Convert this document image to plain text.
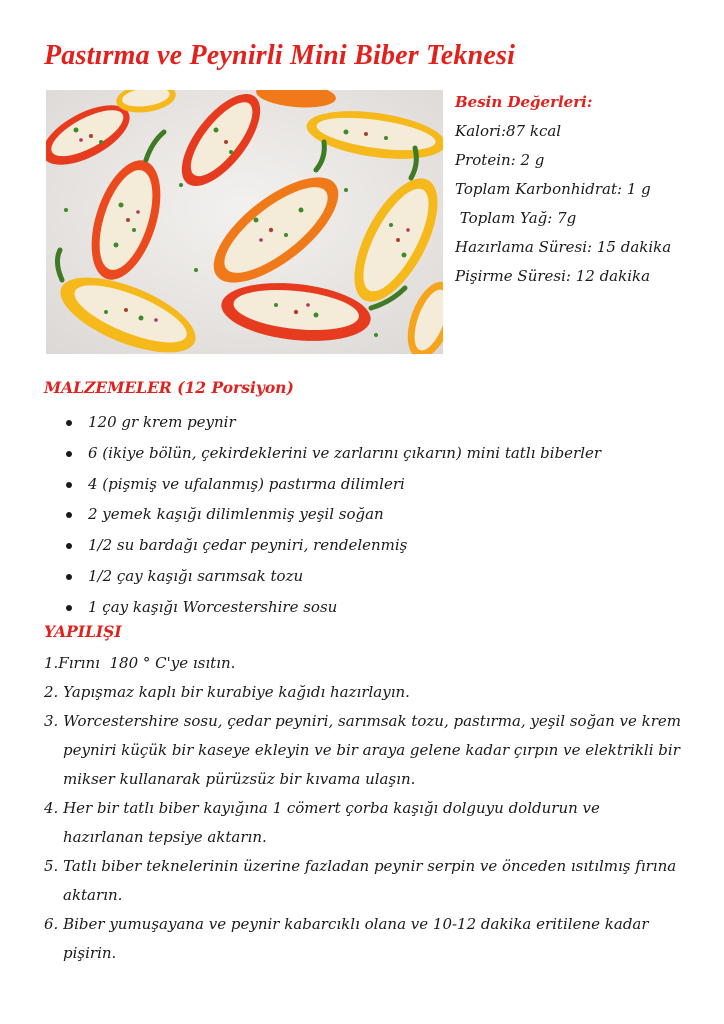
Pastırma ve Peynirli Mini Biber Teknesi
Besin Değerleri:
Kalori:87 kcal
Protein: 2 g
Toplam Karbonhidrat: 1 g
Toplam Yağ: 7g
Hazırlama Süresi: 15 dakika
Pişirme Süresi: 12 dakika
MALZEMELER (12 Porsiyon)
120 gr krem peynir
6 (ikiye bölün, çekirdeklerini ve zarlarını çıkarın) mini tatlı biberler
4 (pişmiş ve ufalanmış) pastırma dilimleri
2 yemek kaşığı dilimlenmiş yeşil soğan
1/2 su bardağı çedar peyniri, rendelenmiş
1/2 çay kaşığı sarımsak tozu
1 çay kaşığı Worcestershire sosu
YAPILIŞI
1.Fırını  180 ° C'ye ısıtın.
2. Yapışmaz kaplı bir kurabiye kağıdı hazırlayın.
3. Worcestershire sosu, çedar peyniri, sarımsak tozu, pastırma, yeşil soğan ve krem peyniri küçük bir kaseye ekleyin ve bir araya gelene kadar çırpın ve elektrikli bir mikser kullanarak pürüzsüz bir kıvama ulaşın.
4. Her bir tatlı biber kayığına 1 cömert çorba kaşığı dolguyu doldurun ve hazırlanan tepsiye aktarın.
5. Tatlı biber teknelerinin üzerine fazladan peynir serpin ve önceden ısıtılmış fırına aktarın.
6. Biber yumuşayana ve peynir kabarcıklı olana ve 10-12 dakika eritilene kadar pişirin.
